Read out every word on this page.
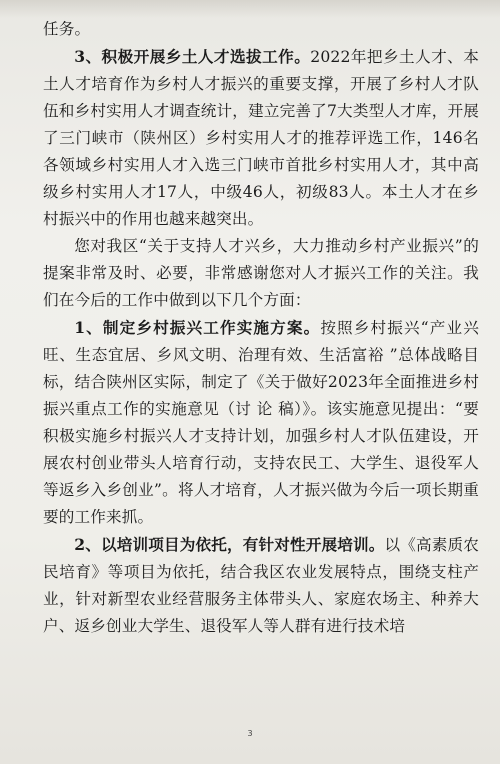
任务。

3、积极开展乡土人才选拔工作。2022年把乡土人才、本土人才培育作为乡村人才振兴的重要支撑，开展了乡村人才队伍和乡村实用人才调查统计，建立完善了7大类型人才库，开展了三门峡市（陕州区）乡村实用人才的推荐评选工作，146名各领域乡村实用人才入选三门峡市首批乡村实用人才，其中高级乡村实用人才17人，中级46人，初级83人。本土人才在乡村振兴中的作用也越来越突出。

您对我区“关于支持人才兴乡，大力推动乡村产业振兴”的提案非常及时、必要，非常感谢您对人才振兴工作的关注。我们在今后的工作中做到以下几个方面：

1、制定乡村振兴工作实施方案。按照乡村振兴“产业兴旺、生态宜居、乡风文明、治理有效、生活富裕 ”总体战略目标，结合陕州区实际，制定了《关于做好2023年全面推进乡村振兴重点工作的实施意见（讨 论 稿）》。该实施意见提出：“要积极实施乡村振兴人才支持计划，加强乡村人才队伍建设，开展农村创业带头人培育行动，支持农民工、大学生、退役军人等返乡入乡创业”。将人才培育，人才振兴做为今后一项长期重要的工作来抓。

2、以培训项目为依托，有针对性开展培训。以《高素质农民培育》等项目为依托，结合我区农业发展特点，围绕支柱产业，针对新型农业经营服务主体带头人、家庭农场主、种养大户、返乡创业大学生、退役军人等人群有进行技术培

3
